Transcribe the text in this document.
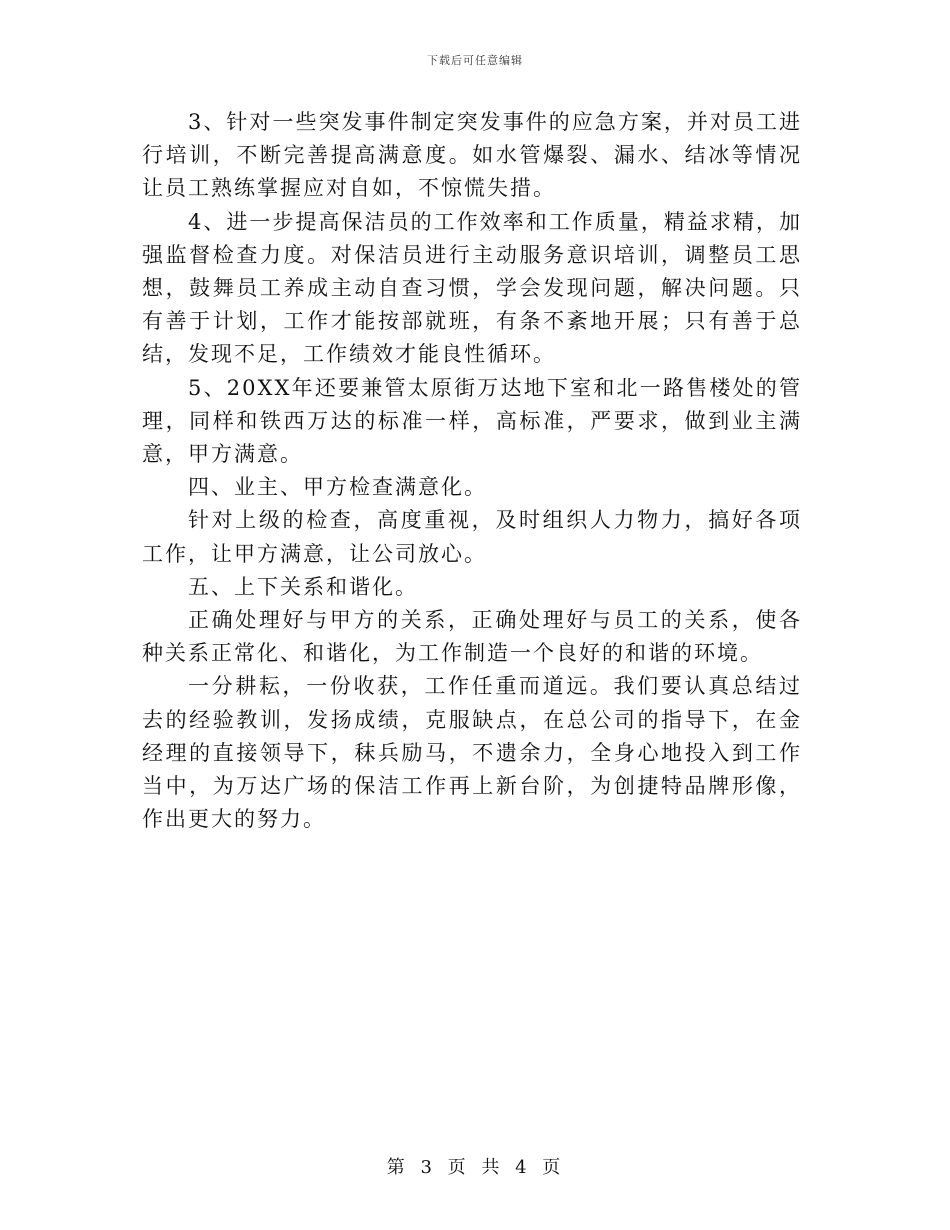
下载后可任意编辑

3、针对一些突发事件制定突发事件的应急方案，并对员工进行培训，不断完善提高满意度。如水管爆裂、漏水、结冰等情况让员工熟练掌握应对自如，不惊慌失措。

4、进一步提高保洁员的工作效率和工作质量，精益求精，加强监督检查力度。对保洁员进行主动服务意识培训，调整员工思想，鼓舞员工养成主动自查习惯，学会发现问题，解决问题。只有善于计划，工作才能按部就班，有条不紊地开展；只有善于总结，发现不足，工作绩效才能良性循环。

5、20XX年还要兼管太原街万达地下室和北一路售楼处的管理，同样和铁西万达的标准一样，高标准，严要求，做到业主满意，甲方满意。

四、业主、甲方检查满意化。

针对上级的检查，高度重视，及时组织人力物力，搞好各项工作，让甲方满意，让公司放心。

五、上下关系和谐化。

正确处理好与甲方的关系，正确处理好与员工的关系，使各种关系正常化、和谐化，为工作制造一个良好的和谐的环境。

一分耕耘，一份收获，工作任重而道远。我们要认真总结过去的经验教训，发扬成绩，克服缺点，在总公司的指导下，在金经理的直接领导下，秣兵励马，不遗余力，全身心地投入到工作当中，为万达广场的保洁工作再上新台阶，为创捷特品牌形像，作出更大的努力。

第 3 页 共 4 页
